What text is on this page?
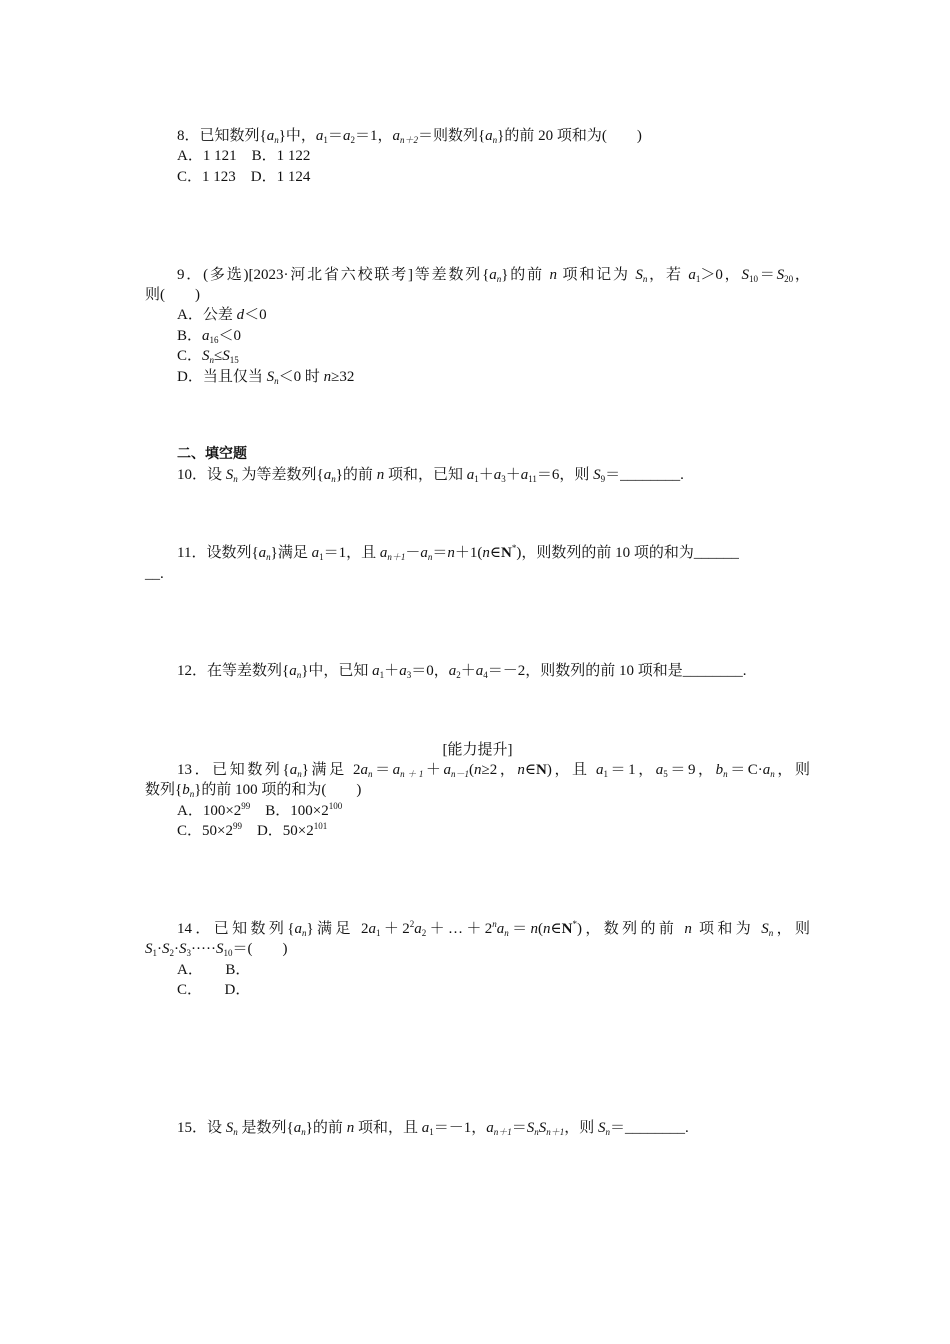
8．已知数列$\{a_n\}$中，$a_1=a_2=1$，$a_{n+2}=$则数列$\{a_n\}$的前 20 项和为(　　)
A．1 121　B．1 122
C．1 123　D．1 124
9．(多选)[2023·河北省六校联考]等差数列$\{a_n\}$的前 n 项和记为 $S_n$，若 $a_1>0$，$S_{10}=S_{20}$，
则(　　)
A．公差 d＜0
B．$a_{16}<0$
C．$S_n\le S_{15}$
D．当且仅当 $S_n<0$ 时 n≥32
二、填空题
10．设 $S_n$ 为等差数列$\{a_n\}$的前 n 项和，已知 $a_1+a_3+a_{11}=6$，则 $S_9=\_\_\_\_\_\_\_\_$.
11．设数列$\{a_n\}$满足 $a_1=1$，且 $a_{n+1}-a_n=n+1(n\in N^*)$，则数列的前 10 项的和为______
__.
12．在等差数列$\{a_n\}$中，已知 $a_1+a_3=0$，$a_2+a_4=-2$，则数列的前 10 项和是________.
[能力提升]
13．已知数列$\{a_n\}$满足 $2a_n=a_{n+1}+a_{n-1}(n\ge 2$，n∈N)，且 $a_1=1$，$a_5=9$，$b_n=C\cdot a_n$，则
数列$\{b_n\}$的前 100 项的和为(　　)
A．$100\times 2^{99}$　B．$100\times 2^{100}$
C．$50\times 2^{99}$　D．$50\times 2^{101}$
14．已知数列$\{a_n\}$满足 $2a_1+2^2a_2+\dots+2^na_n=n(n\in N^*)$，数列的前 n 项和为 $S_n$，则
$S_1\cdot S_2\cdot S_3\cdot\cdot\cdot\cdot\cdot S_{10}=$(　　)
A．　　B．
C．　　D．
15．设 $S_n$ 是数列$\{a_n\}$的前 n 项和，且 $a_1=-1$，$a_{n+1}=S_nS_{n+1}$，则 $S_n=\_\_\_\_\_\_\_\_$.
